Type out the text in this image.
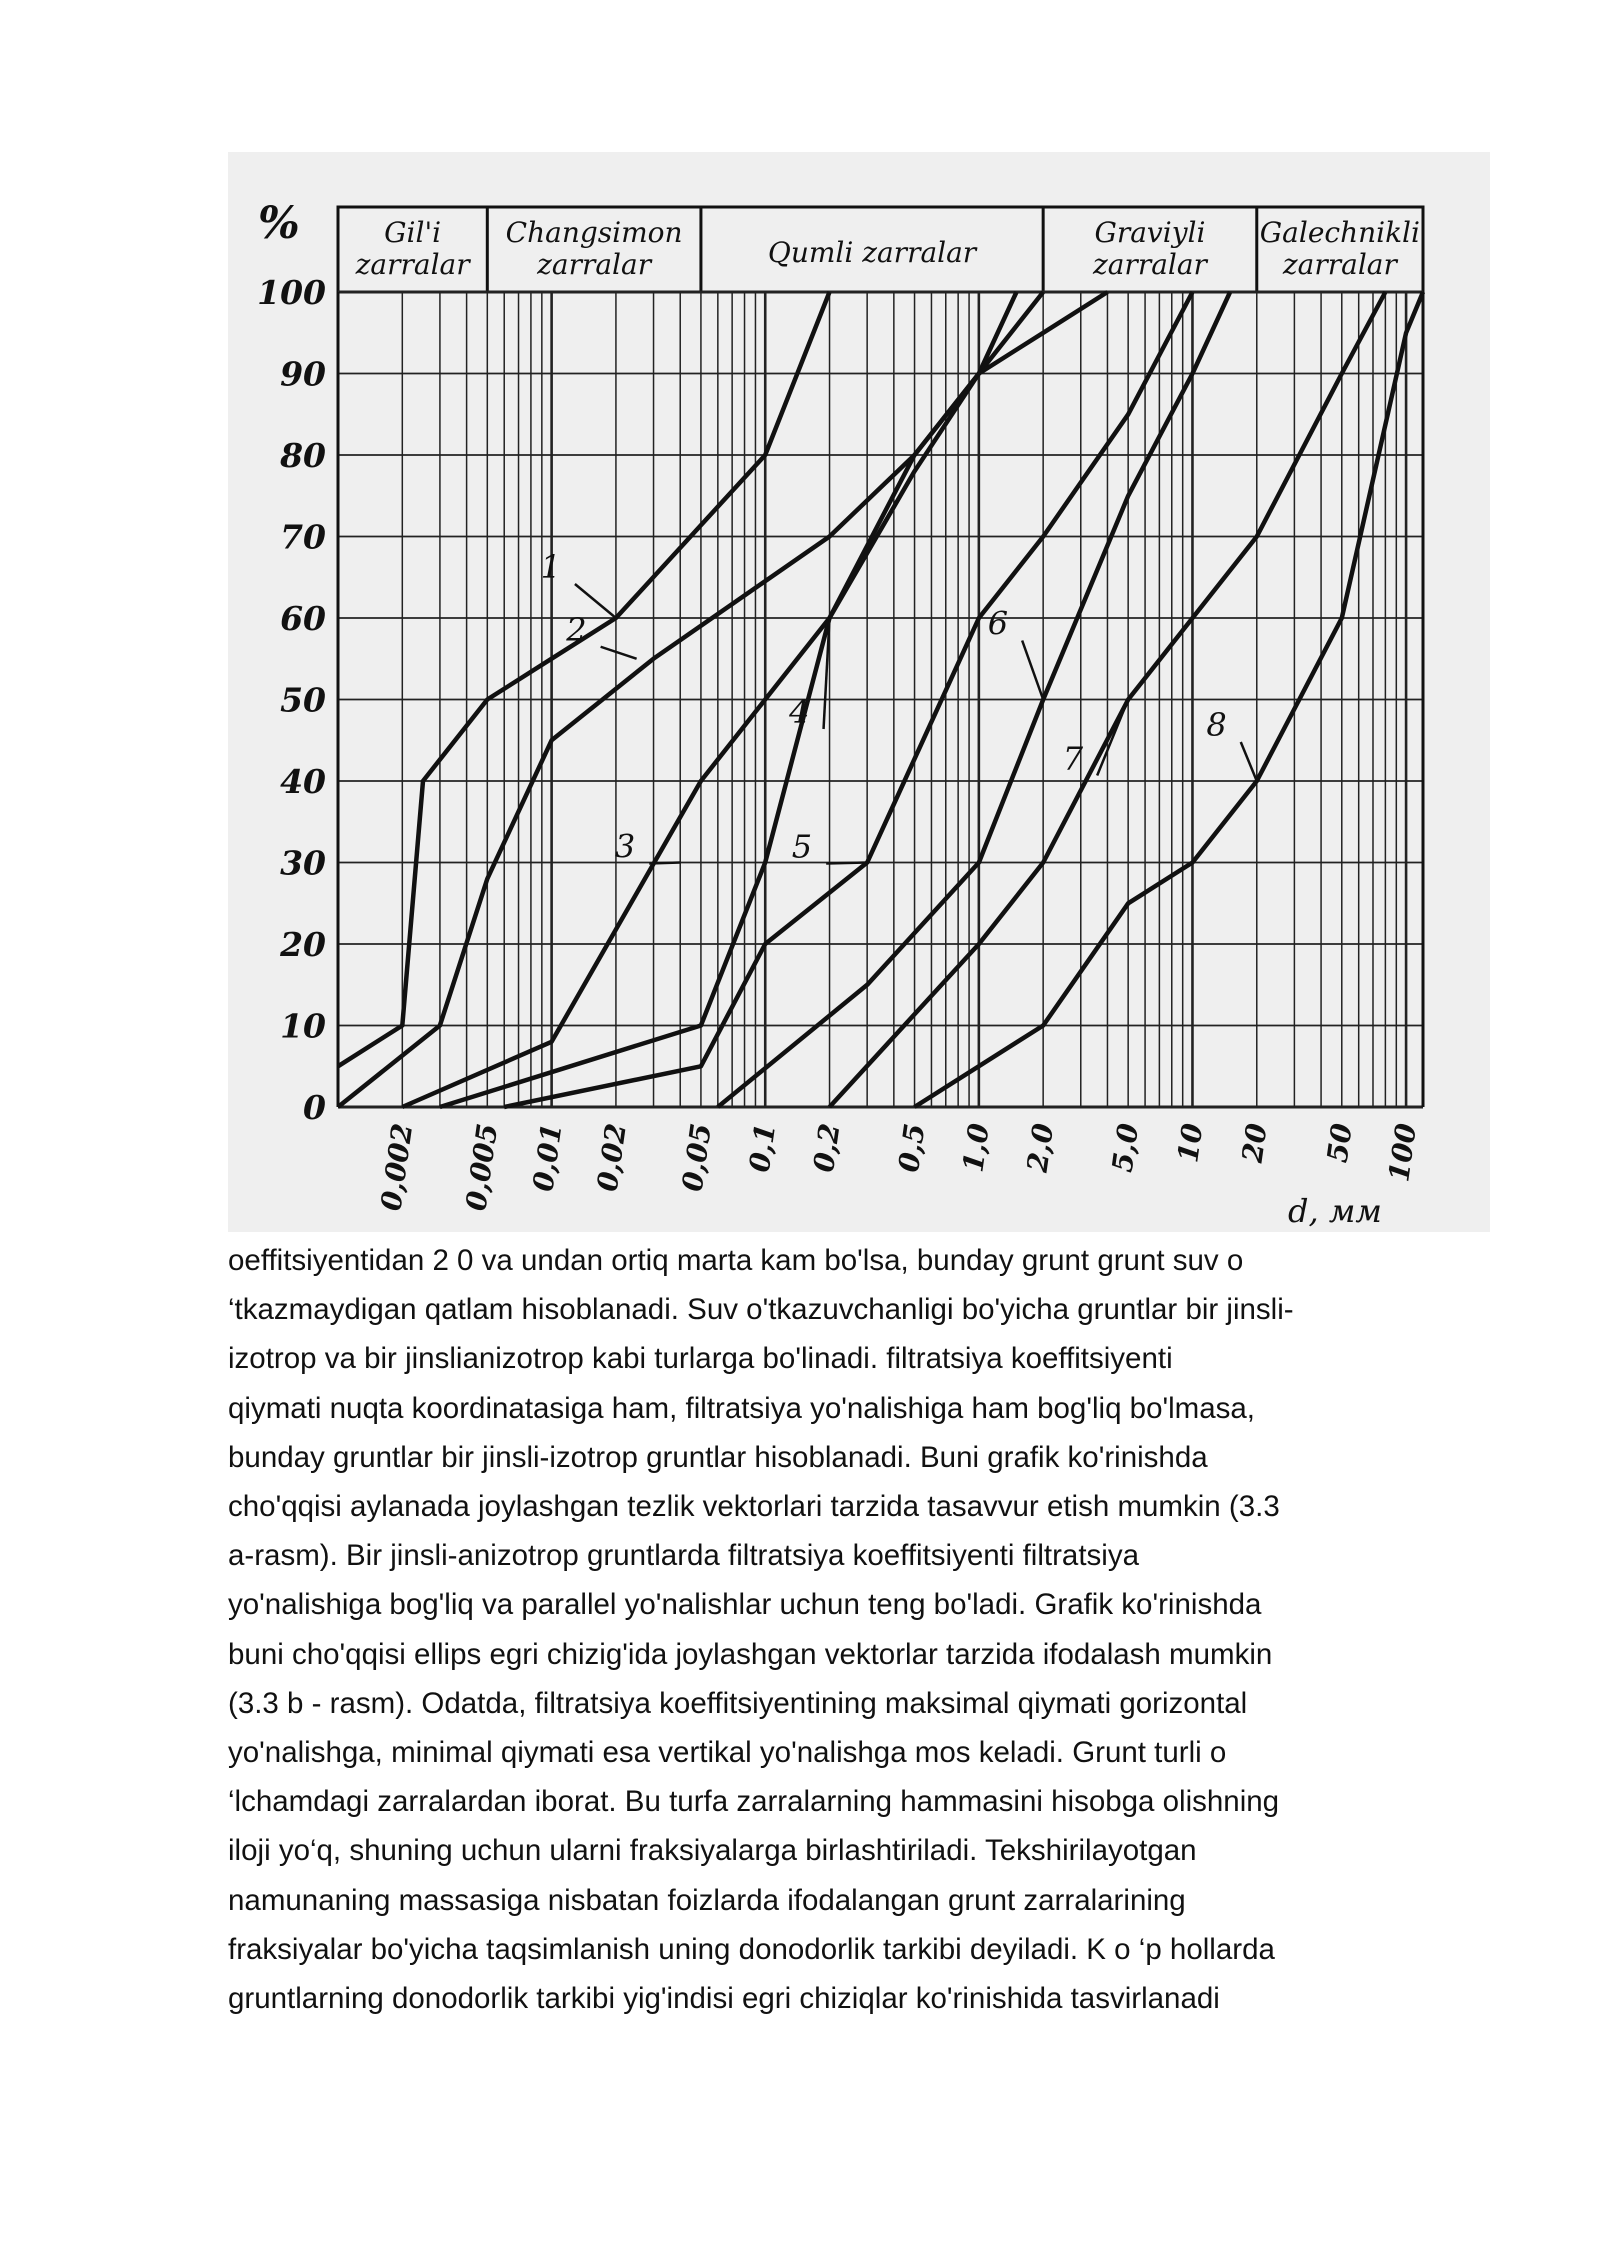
%
d, мм
Gil'i
zarralar
Changsimon
zarralar	Qumli zarralar
Graviyli
zarralar
Galechnikli
zarralar
0
10
20
30
40
50
60
70
80
90
100
0,002 0,005 0,01 0,02 0,05 0,1 0,2 0,5 1,0 2,0 5,0 10 20 50 100
1
2
3
4
5
6
7
8

oeffitsiyentidan 2 0 va undan ortiq marta kam bo'lsa, bunday grunt grunt suv o
‘tkazmaydigan qatlam hisoblanadi. Suv o'tkazuvchanligi bo'yicha gruntlar bir jinsli-
izotrop va bir jinslianizotrop kabi turlarga bo'linadi. filtratsiya koeffitsiyenti
qiymati nuqta koordinatasiga ham, filtratsiya yo'nalishiga ham bog'liq bo'lmasa,
bunday gruntlar bir jinsli-izotrop gruntlar hisoblanadi. Buni grafik ko'rinishda
cho'qqisi aylanada joylashgan tezlik vektorlari tarzida tasavvur etish mumkin (3.3
a-rasm). Bir jinsli-anizotrop gruntlarda filtratsiya koeffitsiyenti filtratsiya
yo'nalishiga bog'liq va parallel yo'nalishlar uchun teng bo'ladi. Grafik ko'rinishda
buni cho'qqisi ellips egri chizig'ida joylashgan vektorlar tarzida ifodalash mumkin
(3.3 b - rasm). Odatda, filtratsiya koeffitsiyentining maksimal qiymati gorizontal
yo'nalishga, minimal qiymati esa vertikal yo'nalishga mos keladi. Grunt turli o
‘lchamdagi zarralardan iborat. Bu turfa zarralarning hammasini hisobga olishning
iloji yo‘q, shuning uchun ularni fraksiyalarga birlashtiriladi. Tekshirilayotgan
namunaning massasiga nisbatan foizlarda ifodalangan grunt zarralarining
fraksiyalar bo'yicha taqsimlanish uning donodorlik tarkibi deyiladi. K o ‘p hollarda
gruntlarning donodorlik tarkibi yig'indisi egri chiziqlar ko'rinishida tasvirlanadi
